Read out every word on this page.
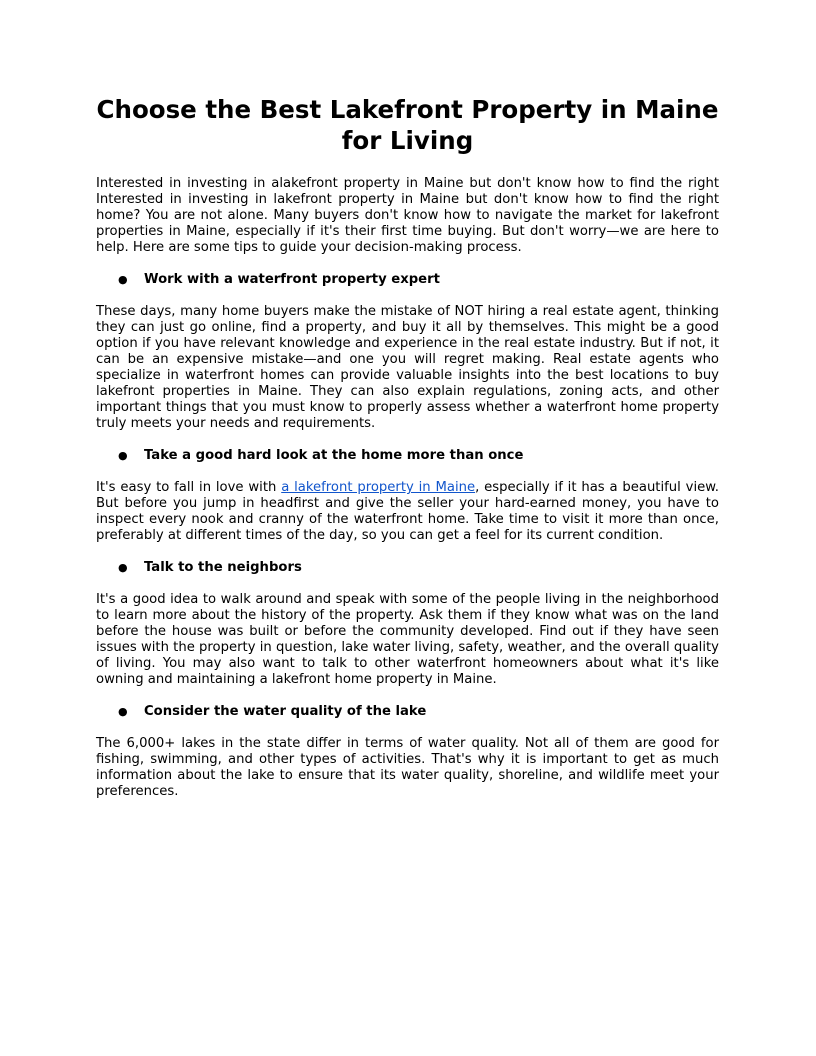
Choose the Best Lakefront Property in Maine for Living

Interested in investing in alakefront property in Maine but don't know how to find the right Interested in investing in lakefront property in Maine but don't know how to find the right home? You are not alone. Many buyers don't know how to navigate the market for lakefront properties in Maine, especially if it's their first time buying. But don't worry—we are here to help. Here are some tips to guide your decision-making process.

● Work with a waterfront property expert

These days, many home buyers make the mistake of NOT hiring a real estate agent, thinking they can just go online, find a property, and buy it all by themselves. This might be a good option if you have relevant knowledge and experience in the real estate industry. But if not, it can be an expensive mistake—and one you will regret making. Real estate agents who specialize in waterfront homes can provide valuable insights into the best locations to buy lakefront properties in Maine. They can also explain regulations, zoning acts, and other important things that you must know to properly assess whether a waterfront home property truly meets your needs and requirements.

● Take a good hard look at the home more than once

It's easy to fall in love with a lakefront property in Maine, especially if it has a beautiful view. But before you jump in headfirst and give the seller your hard-earned money, you have to inspect every nook and cranny of the waterfront home. Take time to visit it more than once, preferably at different times of the day, so you can get a feel for its current condition.

● Talk to the neighbors

It's a good idea to walk around and speak with some of the people living in the neighborhood to learn more about the history of the property. Ask them if they know what was on the land before the house was built or before the community developed. Find out if they have seen issues with the property in question, lake water living, safety, weather, and the overall quality of living. You may also want to talk to other waterfront homeowners about what it's like owning and maintaining a lakefront home property in Maine.

● Consider the water quality of the lake

The 6,000+ lakes in the state differ in terms of water quality. Not all of them are good for fishing, swimming, and other types of activities. That's why it is important to get as much information about the lake to ensure that its water quality, shoreline, and wildlife meet your preferences.
